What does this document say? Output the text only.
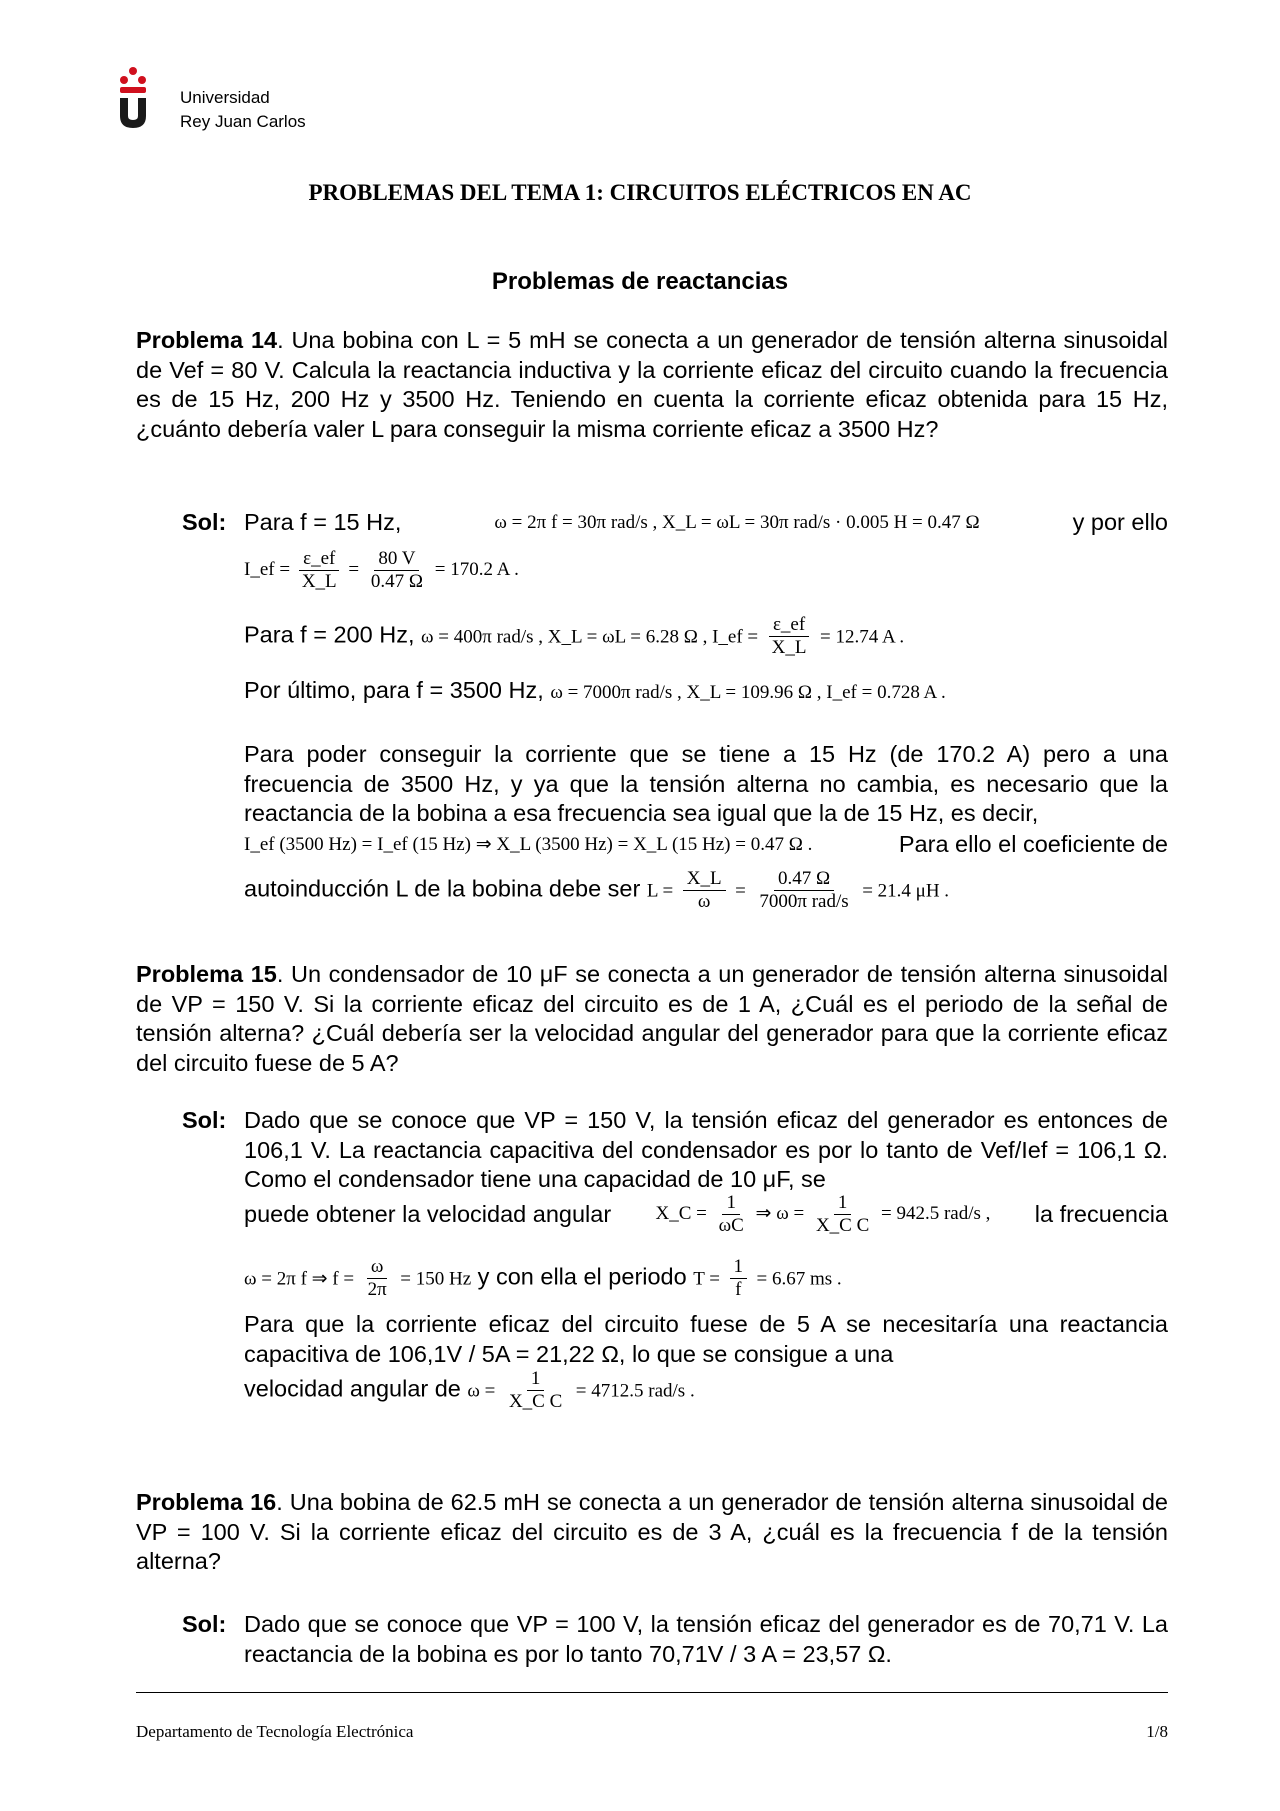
Universidad
Rey Juan Carlos
PROBLEMAS DEL TEMA 1: CIRCUITOS ELÉCTRICOS EN AC
Problemas de reactancias
Problema 14. Una bobina con L = 5 mH se conecta a un generador de tensión alterna sinusoidal de Vef = 80 V. Calcula la reactancia inductiva y la corriente eficaz del circuito cuando la frecuencia es de 15 Hz, 200 Hz y 3500 Hz. Teniendo en cuenta la corriente eficaz obtenida para 15 Hz, ¿cuánto debería valer L para conseguir la misma corriente eficaz a 3500 Hz?
Sol: Para f = 15 Hz,	ω = 2π f = 30π rad/s , X_L = ωL = 30π rad/s · 0.005 H = 0.47 Ω	y por ello
I_ef = $\frac{\varepsilon\_ef}{X\_L} = \frac{80 V}{0.47 \Omega} = 170.2$ A .
Para f = 200 Hz, ω = 400π rad/s , X_L = ωL = 6.28 Ω , I_ef = $\frac{\varepsilon\_ef}{X\_L} = 12.74$ A .
Por último, para f = 3500 Hz, ω = 7000π rad/s , X_L = 109.96 Ω , I_ef = 0.728 A .
Para poder conseguir la corriente que se tiene a 15 Hz (de 170.2 A) pero a una frecuencia de 3500 Hz, y ya que la tensión alterna no cambia, es necesario que la reactancia de la bobina a esa frecuencia sea igual que la de 15 Hz, es decir,
I_ef (3500 Hz) = I_ef (15 Hz) ⇒ X_L (3500 Hz) = X_L (15 Hz) = 0.47 Ω .	Para ello el coeficiente de
autoinducción L de la bobina debe ser $L = \frac{X\_L}{\omega} = \frac{0.47 \Omega}{\text{7000π rad/s}} = 21.4$ μH .
Problema 15. Un condensador de 10 μF se conecta a un generador de tensión alterna sinusoidal de VP = 150 V. Si la corriente eficaz del circuito es de 1 A, ¿Cuál es el periodo de la señal de tensión alterna? ¿Cuál debería ser la velocidad angular del generador para que la corriente eficaz del circuito fuese de 5 A?
Sol: Dado que se conoce que VP = 150 V, la tensión eficaz del generador es entonces de 106,1 V. La reactancia capacitiva del condensador es por lo tanto de Vef/Ief = 106,1 Ω. Como el condensador tiene una capacidad de 10 μF, se
puede obtener la velocidad angular X_C = $\frac{1}{\omega C}$ ⇒ $\omega = \frac{1}{\text{X\_C C}} = 942.5$ rad/s , la frecuencia
ω = 2π f ⇒ $f = \frac{\omega}{2\pi} = 150$ Hz y con ella el periodo $T = \frac{1}{f} = 6.67$ ms .
Para que la corriente eficaz del circuito fuese de 5 A se necesitaría una reactancia capacitiva de 106,1V / 5A = 21,22 Ω, lo que se consigue a una
velocidad angular de $\omega = \frac{1}{\text{X\_C C}} = 4712.5$ rad/s .
Problema 16. Una bobina de 62.5 mH se conecta a un generador de tensión alterna sinusoidal de VP = 100 V. Si la corriente eficaz del circuito es de 3 A, ¿cuál es la frecuencia f de la tensión alterna?
Sol: Dado que se conoce que VP = 100 V, la tensión eficaz del generador es de 70,71 V. La reactancia de la bobina es por lo tanto 70,71V / 3 A = 23,57 Ω.
Departamento de Tecnología Electrónica	1/8
